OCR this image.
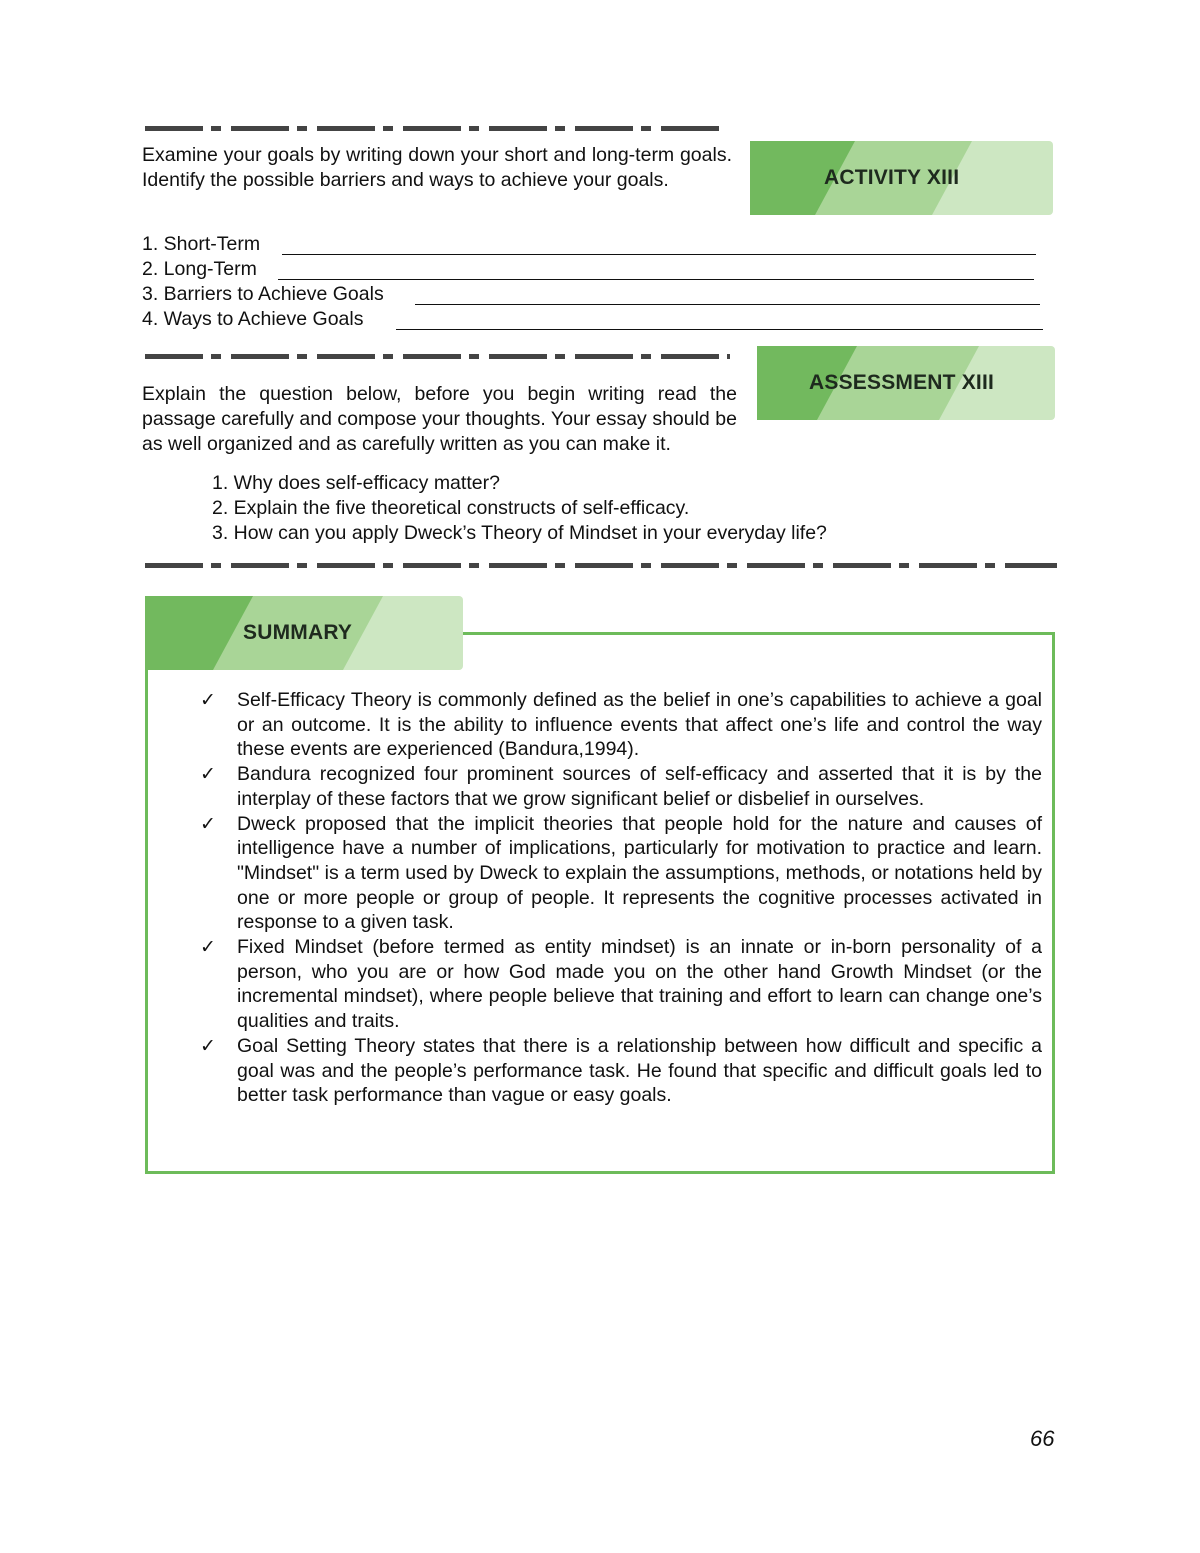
Examine your goals by writing down your short and long-term goals. Identify the possible barriers and ways to achieve your goals.	ACTIVITY XIII
1. Short-Term
2. Long-Term
3. Barriers to Achieve Goals
4. Ways to Achieve Goals
ASSESSMENT XIII

Explain the question below, before you begin writing read the passage carefully and compose your thoughts. Your essay should be as well organized and as carefully written as you can make it.

1. Why does self-efficacy matter?
2. Explain the five theoretical constructs of self-efficacy.
3. How can you apply Dweck’s Theory of Mindset in your everyday life?
SUMMARY
✓ Self-Efficacy Theory is commonly defined as the belief in one’s capabilities to achieve a goal or an outcome. It is the ability to influence events that affect one’s life and control the way these events are experienced (Bandura,1994).
✓ Bandura recognized four prominent sources of self-efficacy and asserted that it is by the interplay of these factors that we grow significant belief or disbelief in ourselves.
✓ Dweck proposed that the implicit theories that people hold for the nature and causes of intelligence have a number of implications, particularly for motivation to practice and learn. "Mindset" is a term used by Dweck to explain the assumptions, methods, or notations held by one or more people or group of people. It represents the cognitive processes activated in response to a given task.
✓ Fixed Mindset (before termed as entity mindset) is an innate or in-born personality of a person, who you are or how God made you on the other hand Growth Mindset (or the incremental mindset), where people believe that training and effort to learn can change one’s qualities and traits.
✓ Goal Setting Theory states that there is a relationship between how difficult and specific a goal was and the people’s performance task. He found that specific and difficult goals led to better task performance than vague or easy goals.
66
